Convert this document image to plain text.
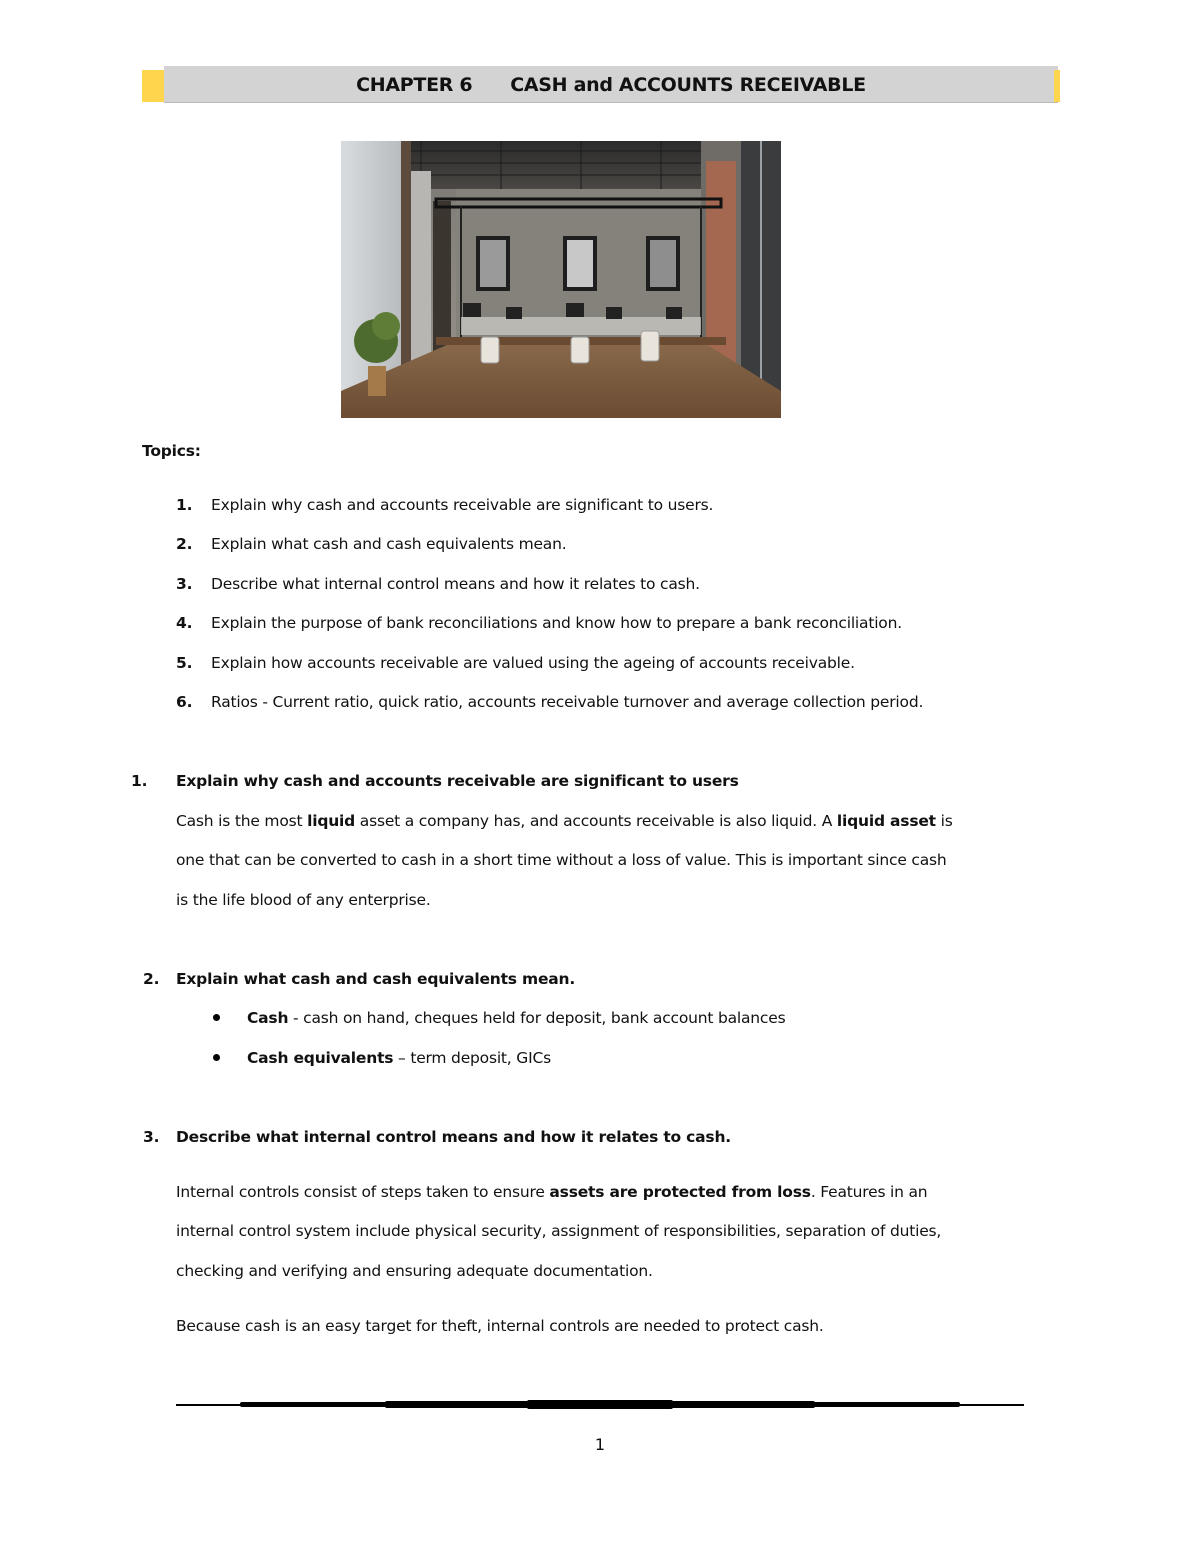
CHAPTER 6 CASH and ACCOUNTS RECEIVABLE
Topics:
1. Explain why cash and accounts receivable are significant to users.
2. Explain what cash and cash equivalents mean.
3. Describe what internal control means and how it relates to cash.
4. Explain the purpose of bank reconciliations and know how to prepare a bank reconciliation.
5. Explain how accounts receivable are valued using the ageing of accounts receivable.
6. Ratios - Current ratio, quick ratio, accounts receivable turnover and average collection period.
1. Explain why cash and accounts receivable are significant to users
Cash is the most liquid asset a company has, and accounts receivable is also liquid. A liquid asset is
one that can be converted to cash in a short time without a loss of value. This is important since cash
is the life blood of any enterprise.
2. Explain what cash and cash equivalents mean.
Cash - cash on hand, cheques held for deposit, bank account balances
Cash equivalents – term deposit, GICs
3. Describe what internal control means and how it relates to cash.
Internal controls consist of steps taken to ensure assets are protected from loss. Features in an
internal control system include physical security, assignment of responsibilities, separation of duties,
checking and verifying and ensuring adequate documentation.
Because cash is an easy target for theft, internal controls are needed to protect cash.
1
